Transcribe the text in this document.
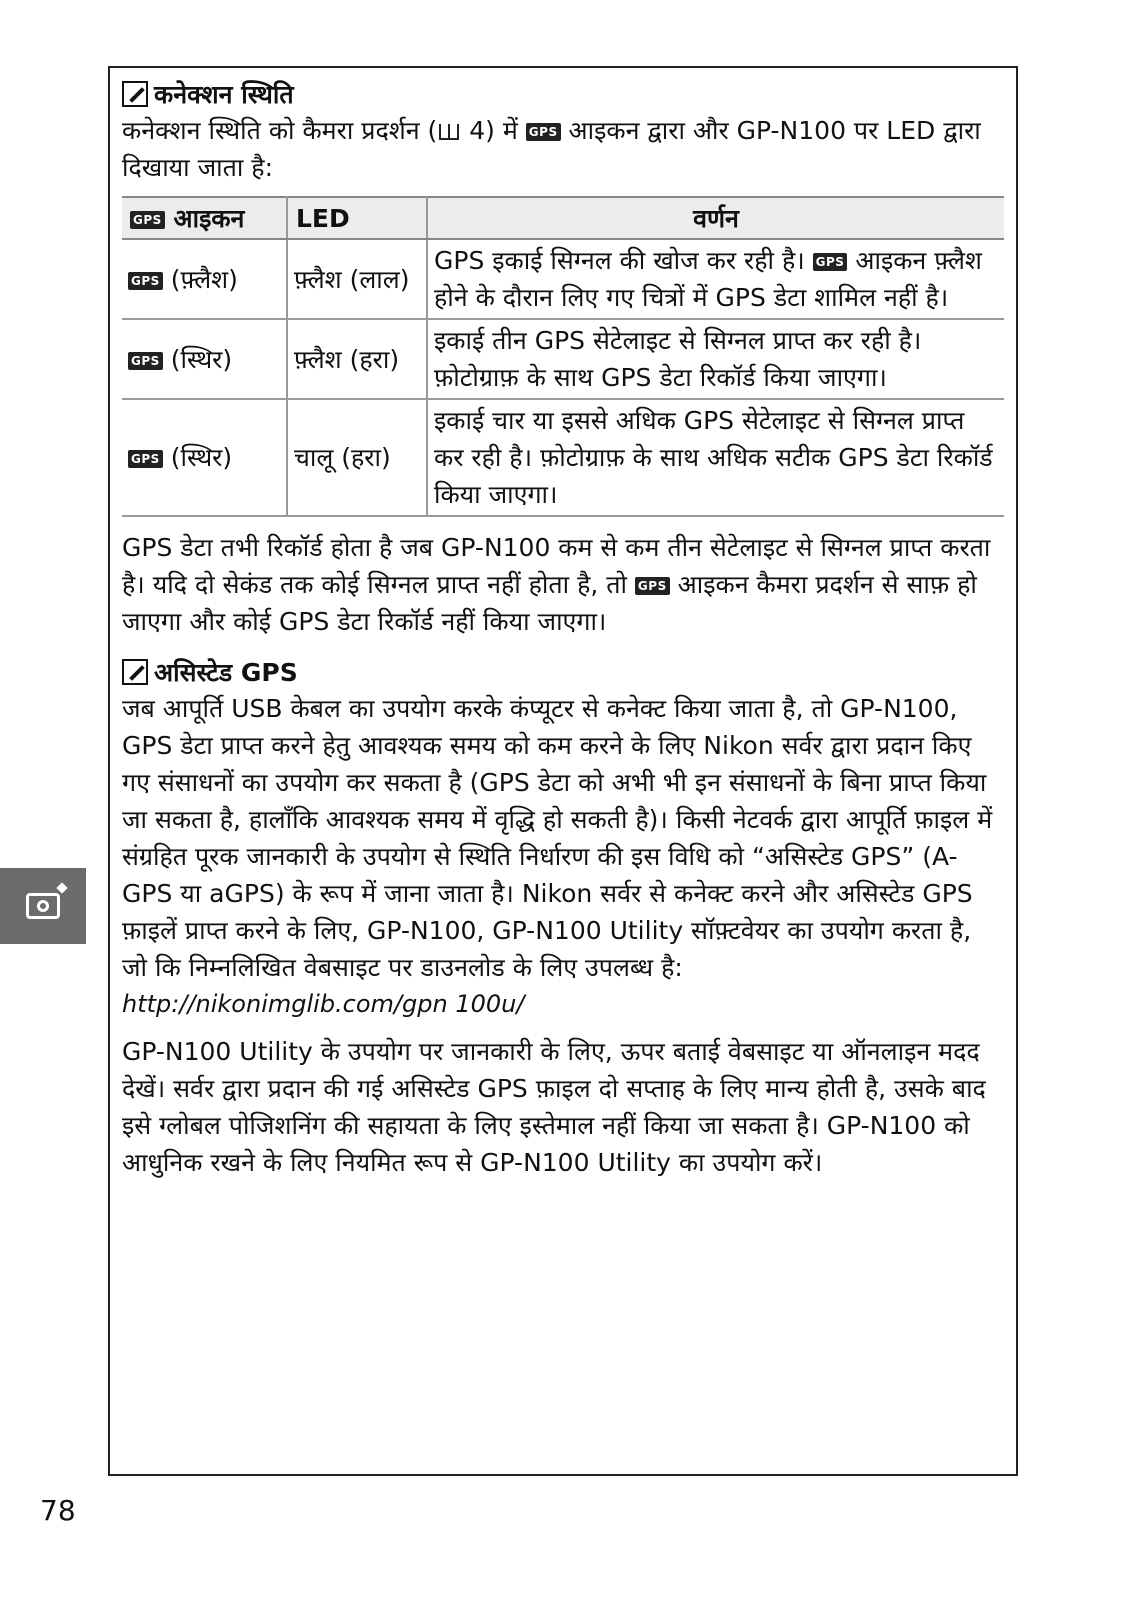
कनेक्शन स्थिति

कनेक्शन स्थिति को कैमरा प्रदर्शन ( 4) में GPS आइकन द्वारा और GP-N100 पर LED द्वारा दिखाया जाता है:

GPS आइकन	LED	वर्णन
GPS (फ़्लैश)	फ़्लैश (लाल)	GPS इकाई सिग्नल की खोज कर रही है। GPS आइकन फ़्लैश होने के दौरान लिए गए चित्रों में GPS डेटा शामिल नहीं है।
GPS (स्थिर)	फ़्लैश (हरा)	इकाई तीन GPS सेटेलाइट से सिग्नल प्राप्त कर रही है। फ़ोटोग्राफ़ के साथ GPS डेटा रिकॉर्ड किया जाएगा।
GPS (स्थिर)	चालू (हरा)	इकाई चार या इससे अधिक GPS सेटेलाइट से सिग्नल प्राप्त कर रही है। फ़ोटोग्राफ़ के साथ अधिक सटीक GPS डेटा रिकॉर्ड किया जाएगा।

GPS डेटा तभी रिकॉर्ड होता है जब GP-N100 कम से कम तीन सेटेलाइट से सिग्नल प्राप्त करता है। यदि दो सेकंड तक कोई सिग्नल प्राप्त नहीं होता है, तो GPS आइकन कैमरा प्रदर्शन से साफ़ हो जाएगा और कोई GPS डेटा रिकॉर्ड नहीं किया जाएगा।

असिस्टेड GPS

जब आपूर्ति USB केबल का उपयोग करके कंप्यूटर से कनेक्ट किया जाता है, तो GP-N100, GPS डेटा प्राप्त करने हेतु आवश्यक समय को कम करने के लिए Nikon सर्वर द्वारा प्रदान किए गए संसाधनों का उपयोग कर सकता है (GPS डेटा को अभी भी इन संसाधनों के बिना प्राप्त किया जा सकता है, हालाँकि आवश्यक समय में वृद्धि हो सकती है)। किसी नेटवर्क द्वारा आपूर्ति फ़ाइल में संग्रहित पूरक जानकारी के उपयोग से स्थिति निर्धारण की इस विधि को “असिस्टेड GPS” (A-GPS या aGPS) के रूप में जाना जाता है। Nikon सर्वर से कनेक्ट करने और असिस्टेड GPS फ़ाइलें प्राप्त करने के लिए, GP-N100, GP-N100 Utility सॉफ़्टवेयर का उपयोग करता है, जो कि निम्नलिखित वेबसाइट पर डाउनलोड के लिए उपलब्ध है:

http://nikonimglib.com/gpn 100u/

GP-N100 Utility के उपयोग पर जानकारी के लिए, ऊपर बताई वेबसाइट या ऑनलाइन मदद देखें। सर्वर द्वारा प्रदान की गई असिस्टेड GPS फ़ाइल दो सप्ताह के लिए मान्य होती है, उसके बाद इसे ग्लोबल पोजिशनिंग की सहायता के लिए इस्तेमाल नहीं किया जा सकता है। GP-N100 को आधुनिक रखने के लिए नियमित रूप से GP-N100 Utility का उपयोग करें।

78
